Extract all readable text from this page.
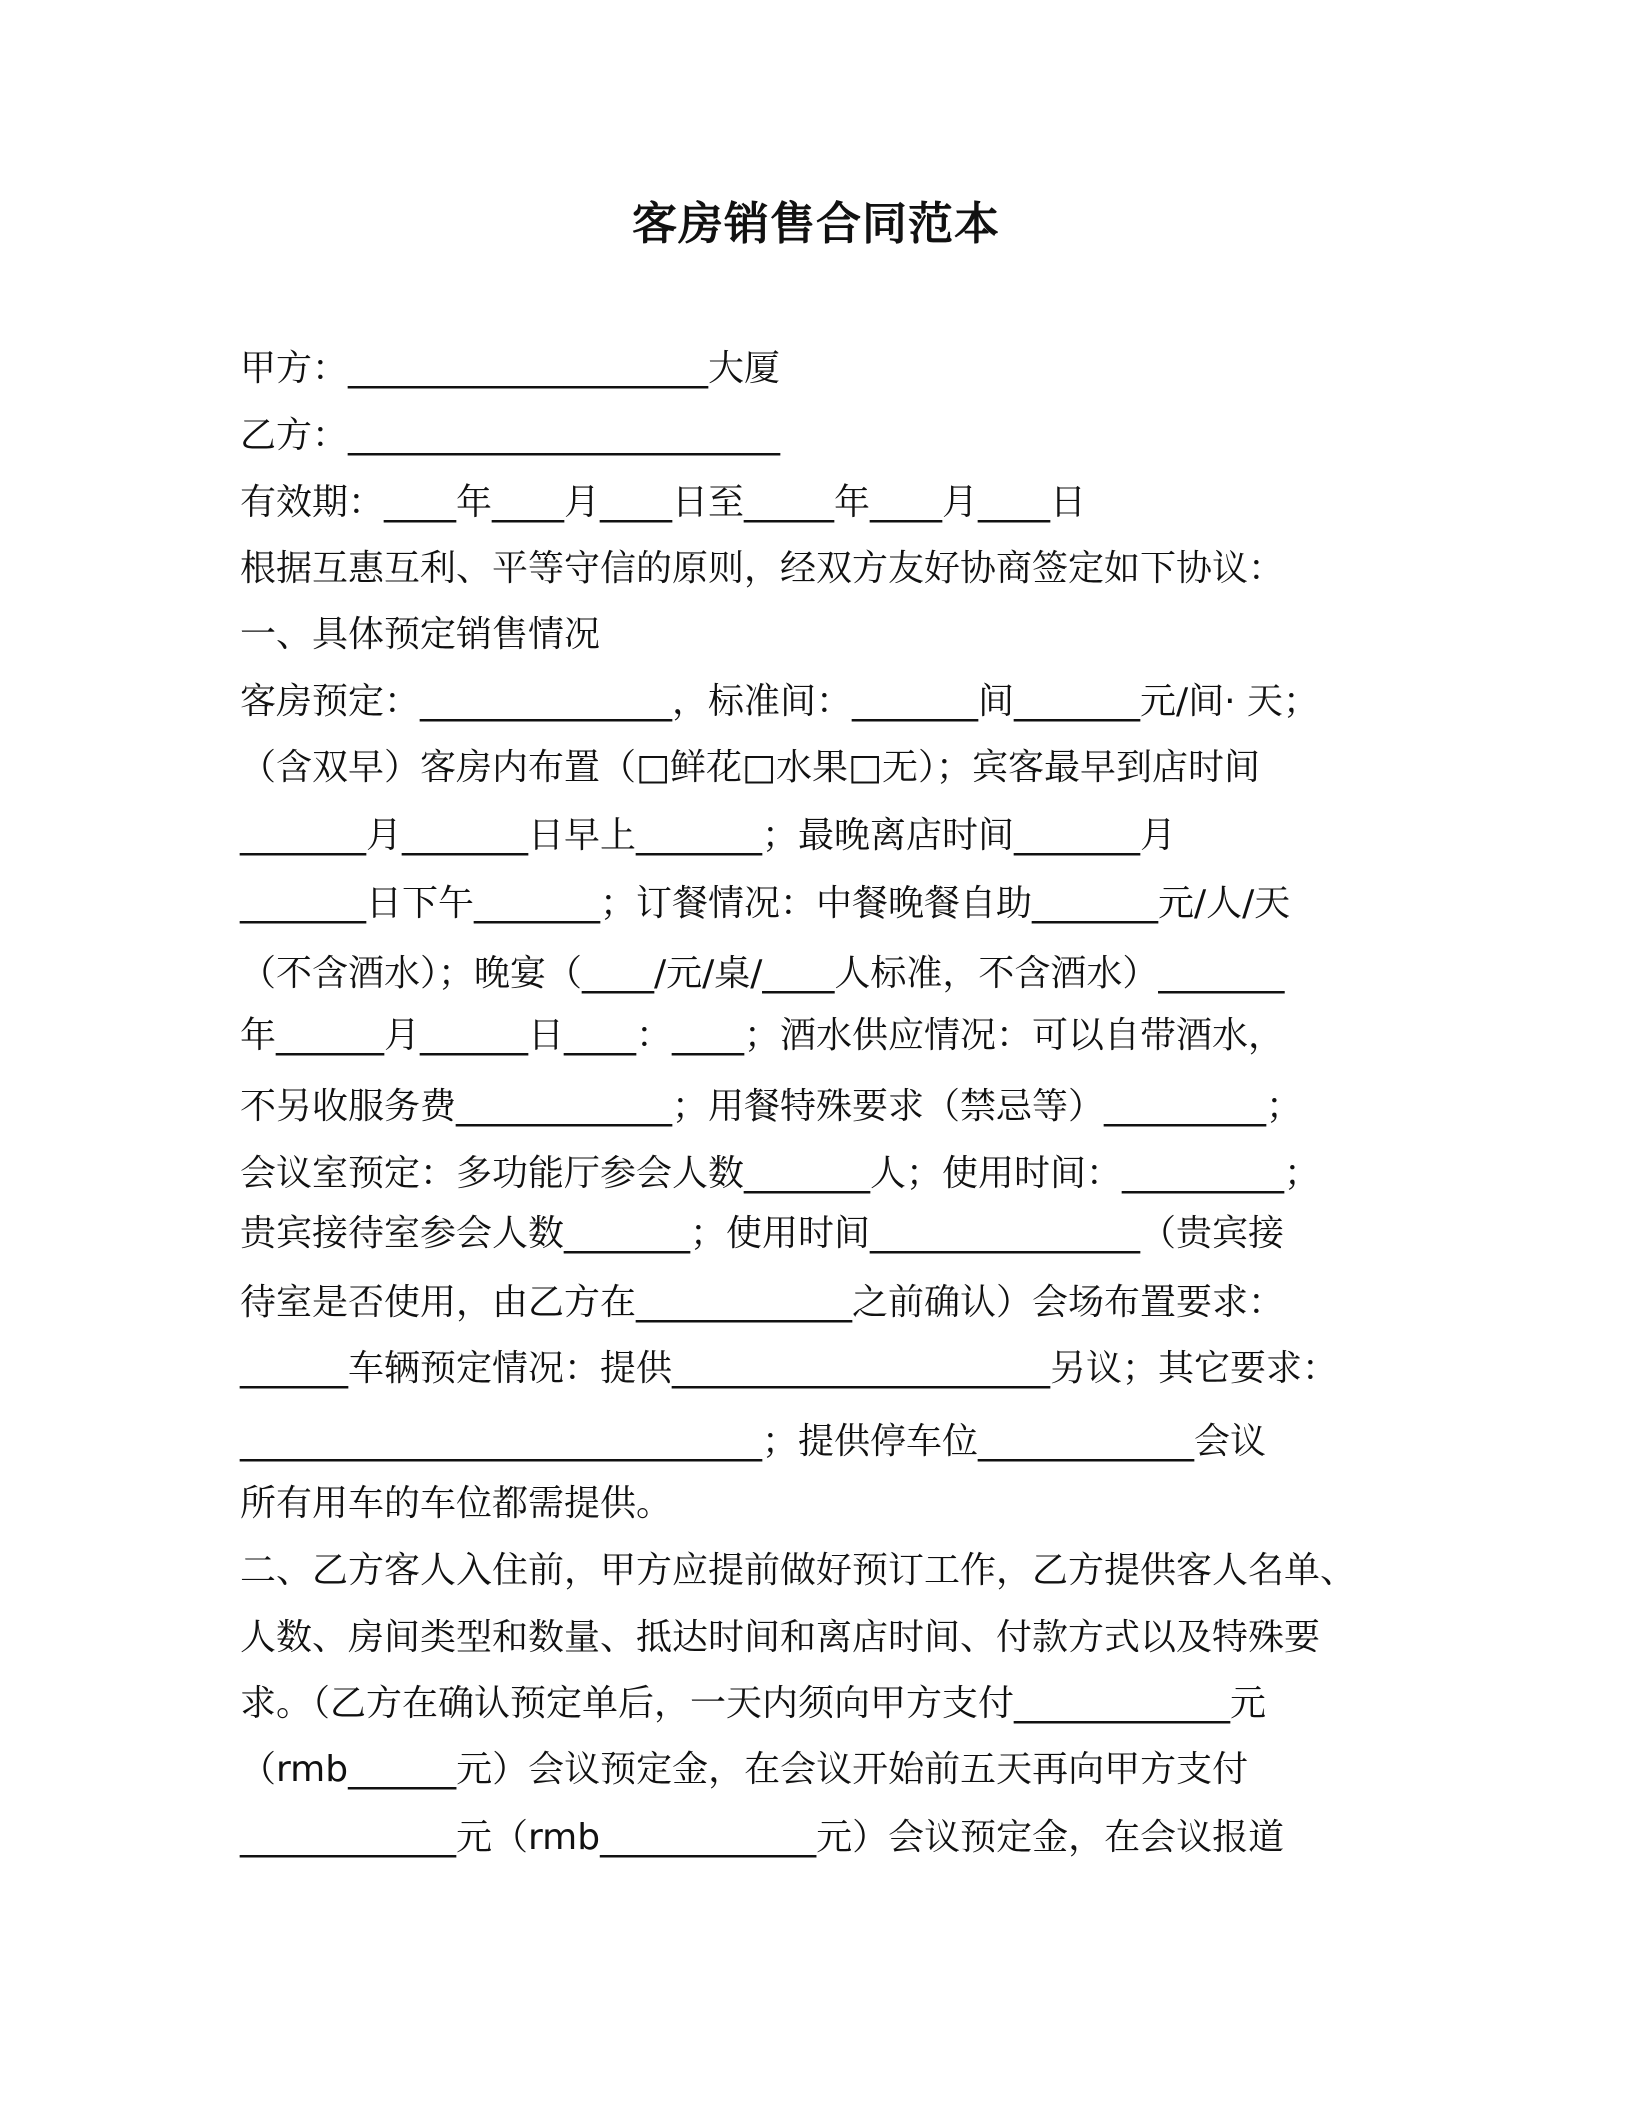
客房销售合同范本
甲方：____________________大厦
乙方：________________________
有效期：____年____月____日至_____年____月____日
根据互惠互利、平等守信的原则，经双方友好协商签定如下协议：
一、具体预定销售情况
客房预定：______________，标准间：_______间_______元/间· 天；
（含双早）客房内布置（□鲜花□水果□无）；宾客最早到店时间
_______月_______日早上_______；最晚离店时间_______月
_______日下午_______；订餐情况：中餐晚餐自助_______元/人/天
（不含酒水）；晚宴（____/元/桌/____人标准，不含酒水）_______
年______月______日____：____；酒水供应情况：可以自带酒水，
不另收服务费____________；用餐特殊要求（禁忌等）_________；
会议室预定：多功能厅参会人数_______人；使用时间：_________；
贵宾接待室参会人数_______；使用时间_______________（贵宾接
待室是否使用，由乙方在____________之前确认）会场布置要求：
______车辆预定情况：提供_____________________另议；其它要求：
_____________________________；提供停车位____________会议
所有用车的车位都需提供。
二、乙方客人入住前，甲方应提前做好预订工作，乙方提供客人名单、
人数、房间类型和数量、抵达时间和离店时间、付款方式以及特殊要
求。（乙方在确认预定单后，一天内须向甲方支付____________元
（rmb______元）会议预定金，在会议开始前五天再向甲方支付
____________元（rmb____________元）会议预定金，在会议报道
